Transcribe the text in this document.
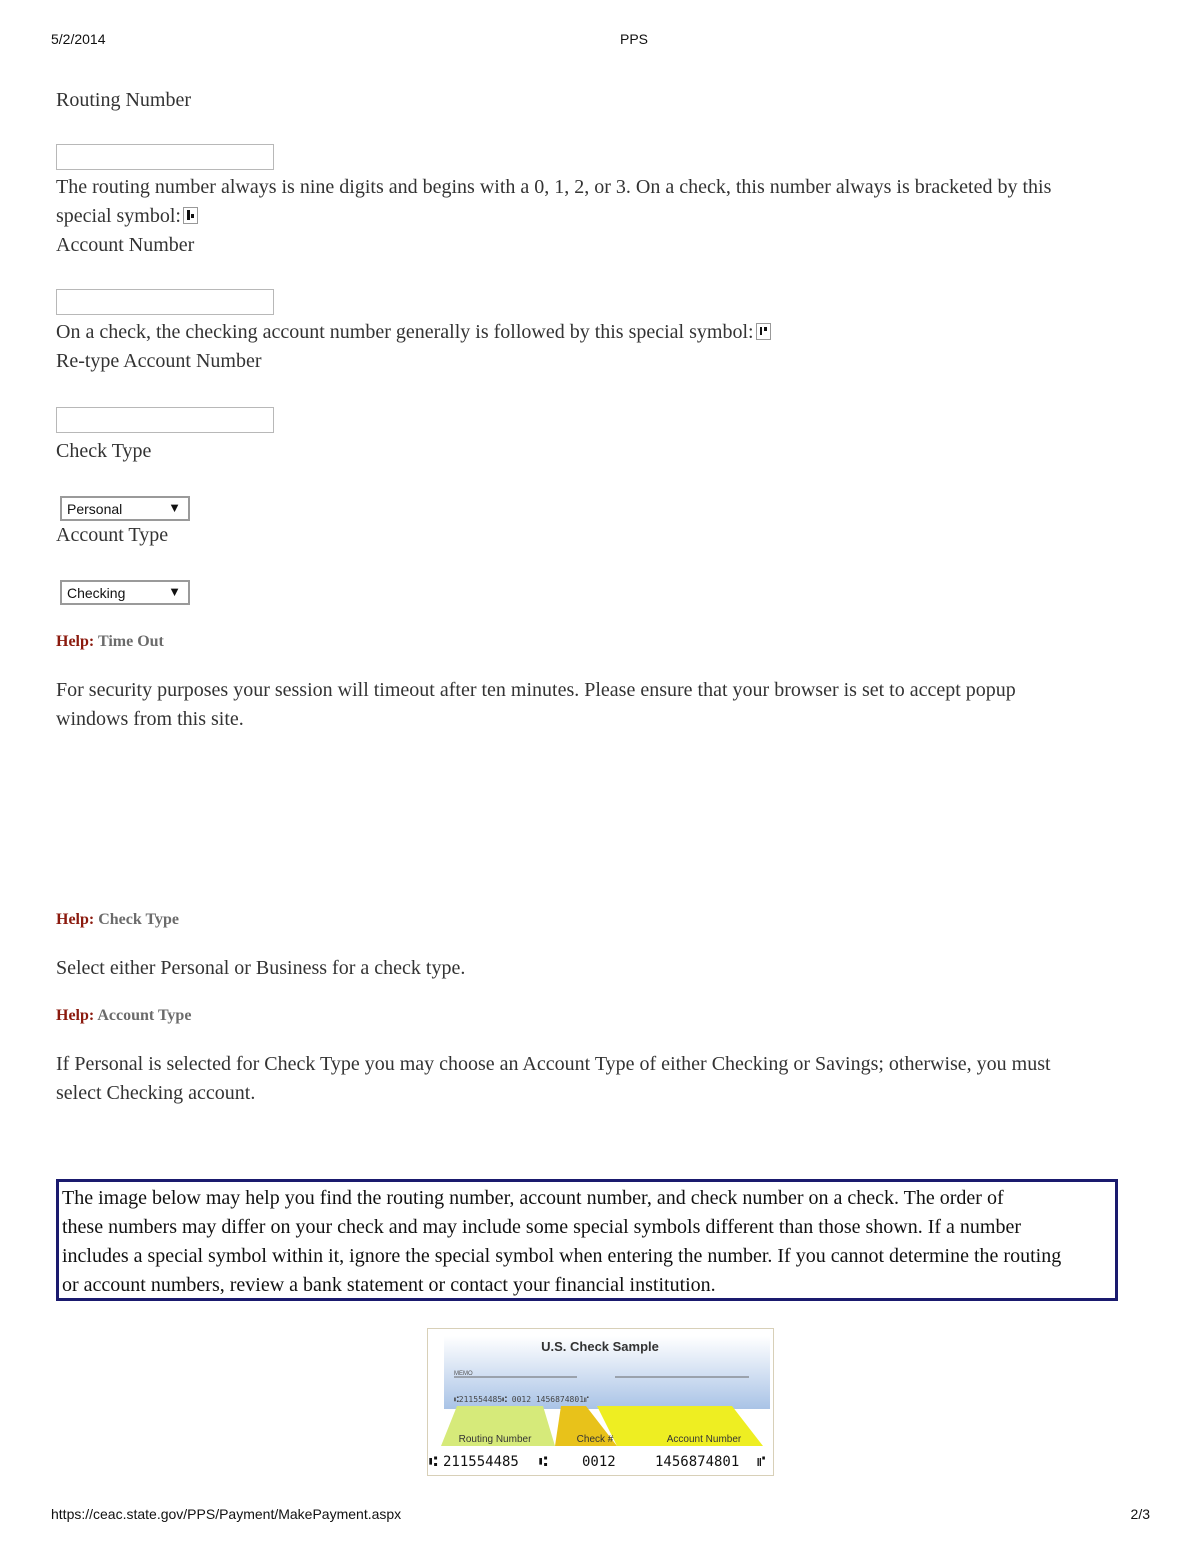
5/2/2014	PPS
Routing Number
The routing number always is nine digits and begins with a 0, 1, 2, or 3. On a check, this number always is bracketed by this
special symbol:
Account Number
On a check, the checking account number generally is followed by this special symbol:
Re-type Account Number
Check Type
Personal	▼
Account Type
Checking	▼
Help: Time Out
For security purposes your session will timeout after ten minutes. Please ensure that your browser is set to accept popup
windows from this site.
Help: Check Type
Select either Personal or Business for a check type.
Help: Account Type
If Personal is selected for Check Type you may choose an Account Type of either Checking or Savings; otherwise, you must
select Checking account.
The image below may help you find the routing number, account number, and check number on a check. The order of
these numbers may differ on your check and may include some special symbols different than those shown. If a number
includes a special symbol within it, ignore the special symbol when entering the number. If you cannot determine the routing
or account numbers, review a bank statement or contact your financial institution.
U.S. Check Sample
MEMO
⑆211554485⑆ 0012 1456874801⑈
Routing Number	Check #	Account Number
⑆ 211554485 ⑆ 0012	1456874801 ⑈
https://ceac.state.gov/PPS/Payment/MakePayment.aspx	2/3
